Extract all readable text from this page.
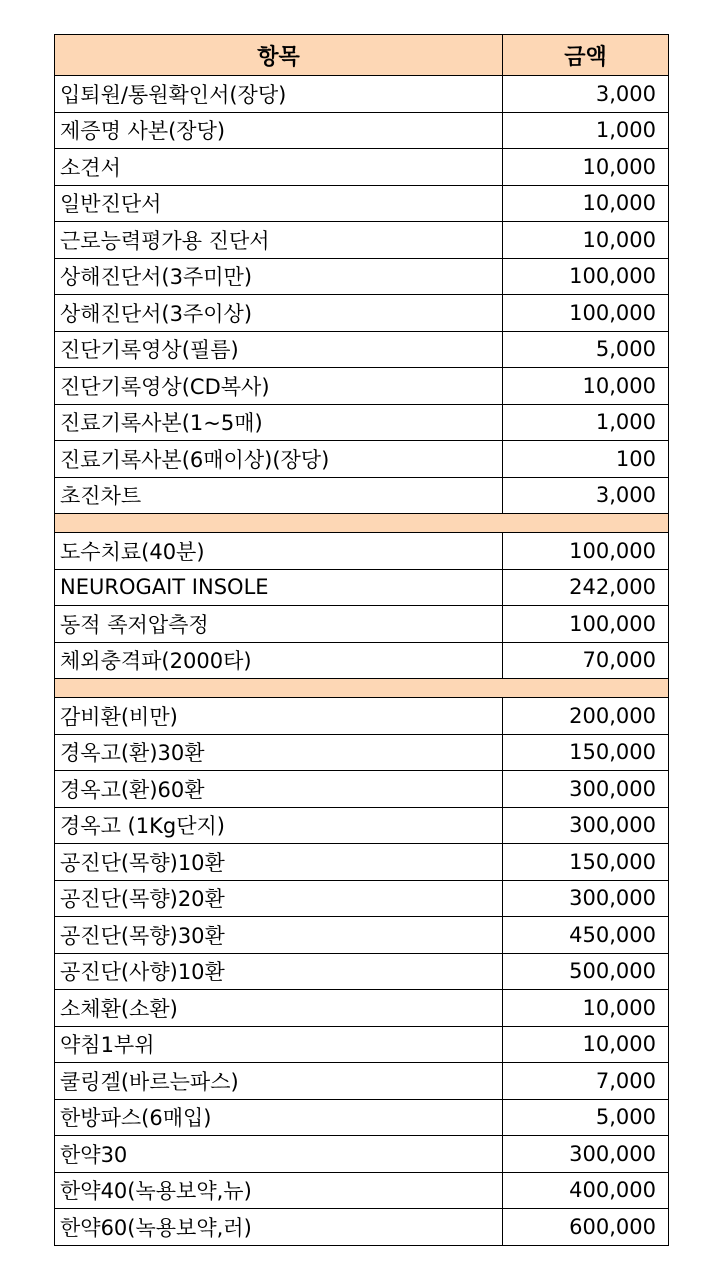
항목	금액
입퇴원/통원확인서(장당)	3,000
제증명 사본(장당)	1,000
소견서	10,000
일반진단서	10,000
근로능력평가용 진단서	10,000
상해진단서(3주미만)	100,000
상해진단서(3주이상)	100,000
진단기록영상(필름)	5,000
진단기록영상(CD복사)	10,000
진료기록사본(1~5매)	1,000
진료기록사본(6매이상)(장당)	100
초진차트	3,000

도수치료(40분)	100,000
NEUROGAIT INSOLE	242,000
동적 족저압측정	100,000
체외충격파(2000타)	70,000

감비환(비만)	200,000
경옥고(환)30환	150,000
경옥고(환)60환	300,000
경옥고 (1Kg단지)	300,000
공진단(목향)10환	150,000
공진단(목향)20환	300,000
공진단(목향)30환	450,000
공진단(사향)10환	500,000
소체환(소환)	10,000
약침1부위	10,000
쿨링겔(바르는파스)	7,000
한방파스(6매입)	5,000
한약30	300,000
한약40(녹용보약,뉴)	400,000
한약60(녹용보약,러)	600,000
